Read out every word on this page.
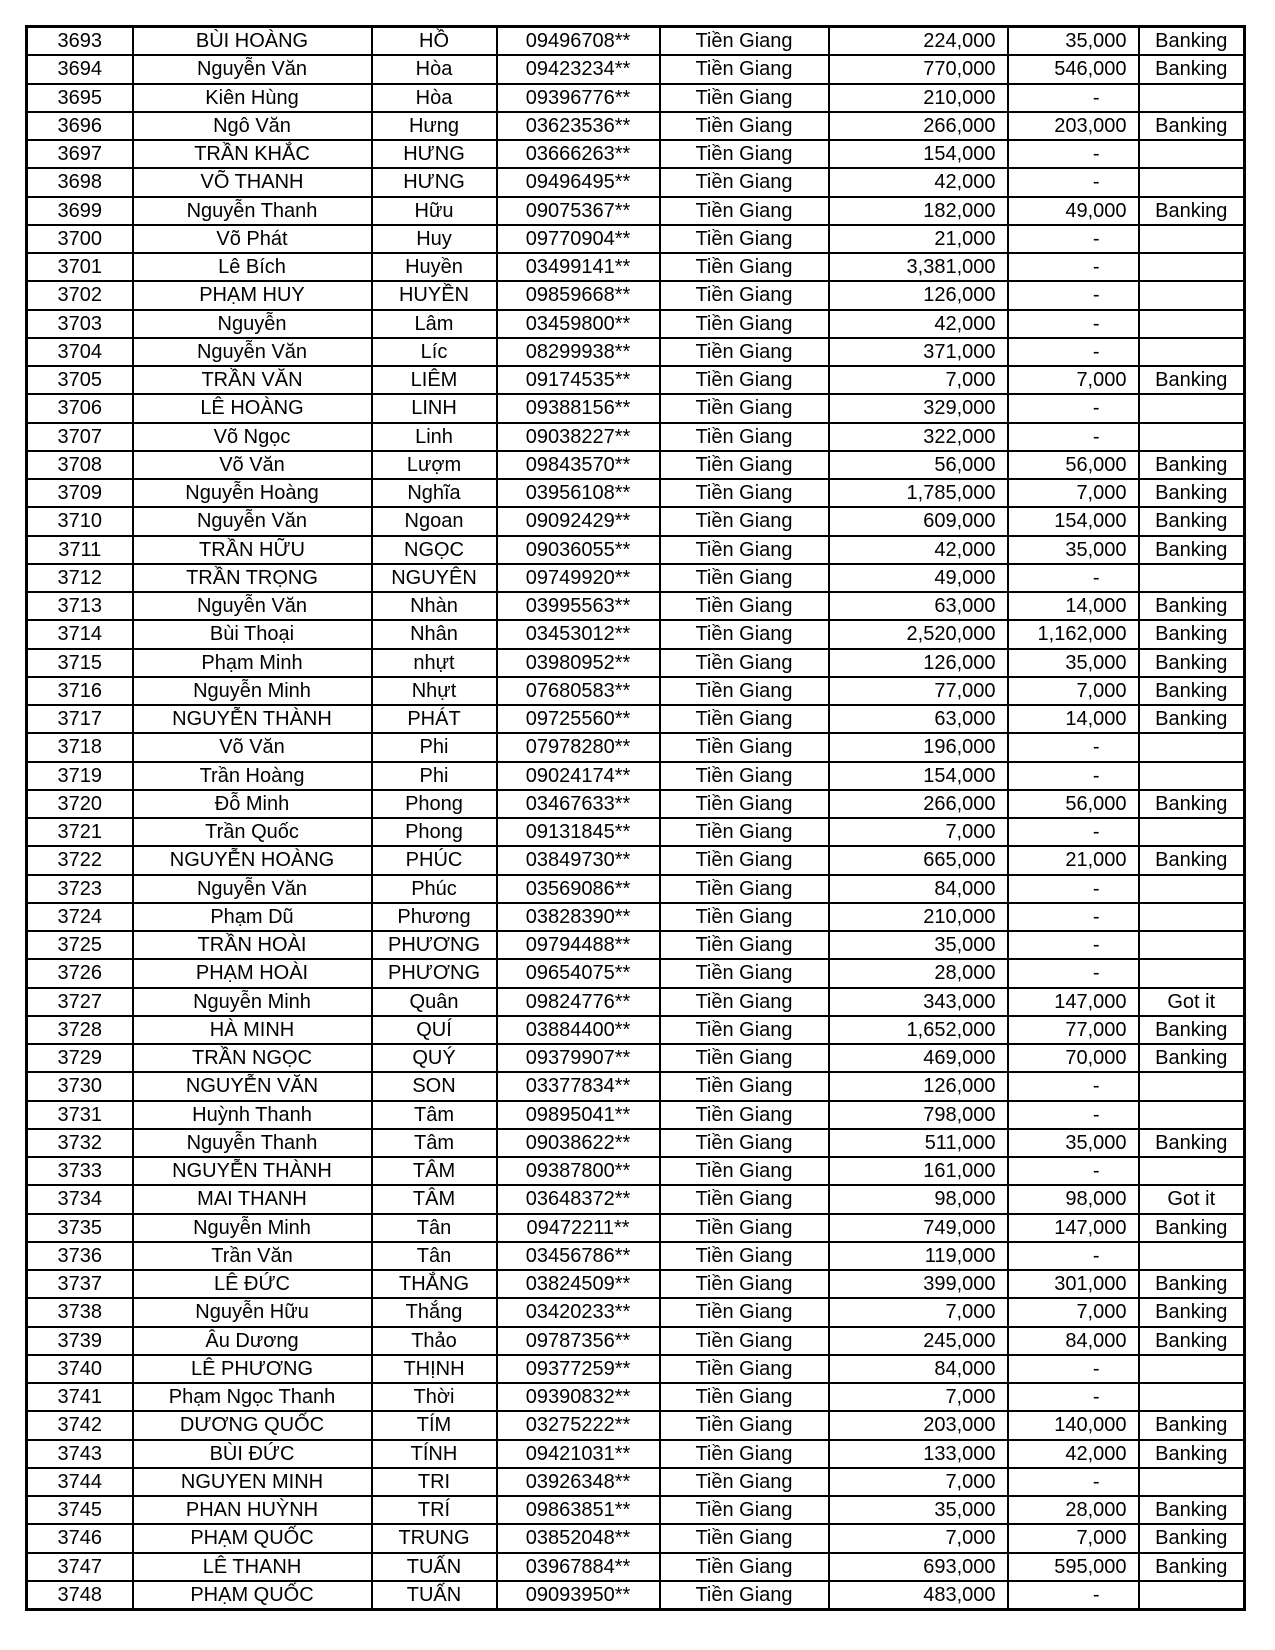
3693	BÙI HOÀNG	HỒ	09496708**	Tiền Giang	224,000	35,000	Banking
3694	Nguyễn Văn	Hòa	09423234**	Tiền Giang	770,000	546,000	Banking
3695	Kiên Hùng	Hòa	09396776**	Tiền Giang	210,000	-	
3696	Ngô Văn	Hưng	03623536**	Tiền Giang	266,000	203,000	Banking
3697	TRẦN KHẮC	HƯNG	03666263**	Tiền Giang	154,000	-	
3698	VÕ THANH	HƯNG	09496495**	Tiền Giang	42,000	-	
3699	Nguyễn Thanh	Hữu	09075367**	Tiền Giang	182,000	49,000	Banking
3700	Võ Phát	Huy	09770904**	Tiền Giang	21,000	-	
3701	Lê Bích	Huyền	03499141**	Tiền Giang	3,381,000	-	
3702	PHẠM HUY	HUYỀN	09859668**	Tiền Giang	126,000	-	
3703	Nguyễn	Lâm	03459800**	Tiền Giang	42,000	-	
3704	Nguyễn Văn	Líc	08299938**	Tiền Giang	371,000	-	
3705	TRẦN VĂN	LIÊM	09174535**	Tiền Giang	7,000	7,000	Banking
3706	LÊ HOÀNG	LINH	09388156**	Tiền Giang	329,000	-	
3707	Võ Ngọc	Linh	09038227**	Tiền Giang	322,000	-	
3708	Võ Văn	Lượm	09843570**	Tiền Giang	56,000	56,000	Banking
3709	Nguyễn Hoàng	Nghĩa	03956108**	Tiền Giang	1,785,000	7,000	Banking
3710	Nguyễn Văn	Ngoan	09092429**	Tiền Giang	609,000	154,000	Banking
3711	TRẦN HỮU	NGỌC	09036055**	Tiền Giang	42,000	35,000	Banking
3712	TRẦN TRỌNG	NGUYÊN	09749920**	Tiền Giang	49,000	-	
3713	Nguyễn Văn	Nhàn	03995563**	Tiền Giang	63,000	14,000	Banking
3714	Bùi Thoại	Nhân	03453012**	Tiền Giang	2,520,000	1,162,000	Banking
3715	Phạm Minh	nhựt	03980952**	Tiền Giang	126,000	35,000	Banking
3716	Nguyễn Minh	Nhựt	07680583**	Tiền Giang	77,000	7,000	Banking
3717	NGUYỄN THÀNH	PHÁT	09725560**	Tiền Giang	63,000	14,000	Banking
3718	Võ Văn	Phi	07978280**	Tiền Giang	196,000	-	
3719	Trần Hoàng	Phi	09024174**	Tiền Giang	154,000	-	
3720	Đỗ Minh	Phong	03467633**	Tiền Giang	266,000	56,000	Banking
3721	Trần Quốc	Phong	09131845**	Tiền Giang	7,000	-	
3722	NGUYỄN HOÀNG	PHÚC	03849730**	Tiền Giang	665,000	21,000	Banking
3723	Nguyễn Văn	Phúc	03569086**	Tiền Giang	84,000	-	
3724	Phạm Dũ	Phương	03828390**	Tiền Giang	210,000	-	
3725	TRẦN HOÀI	PHƯƠNG	09794488**	Tiền Giang	35,000	-	
3726	PHẠM HOÀI	PHƯƠNG	09654075**	Tiền Giang	28,000	-	
3727	Nguyễn Minh	Quân	09824776**	Tiền Giang	343,000	147,000	Got it
3728	HÀ MINH	QUÍ	03884400**	Tiền Giang	1,652,000	77,000	Banking
3729	TRẦN NGỌC	QUÝ	09379907**	Tiền Giang	469,000	70,000	Banking
3730	NGUYỄN VĂN	SON	03377834**	Tiền Giang	126,000	-	
3731	Huỳnh Thanh	Tâm	09895041**	Tiền Giang	798,000	-	
3732	Nguyễn Thanh	Tâm	09038622**	Tiền Giang	511,000	35,000	Banking
3733	NGUYỄN THÀNH	TÂM	09387800**	Tiền Giang	161,000	-	
3734	MAI THANH	TÂM	03648372**	Tiền Giang	98,000	98,000	Got it
3735	Nguyễn Minh	Tân	09472211**	Tiền Giang	749,000	147,000	Banking
3736	Trần Văn	Tân	03456786**	Tiền Giang	119,000	-	
3737	LÊ ĐỨC	THẮNG	03824509**	Tiền Giang	399,000	301,000	Banking
3738	Nguyễn Hữu	Thắng	03420233**	Tiền Giang	7,000	7,000	Banking
3739	Âu Dương	Thảo	09787356**	Tiền Giang	245,000	84,000	Banking
3740	LÊ PHƯƠNG	THỊNH	09377259**	Tiền Giang	84,000	-	
3741	Phạm Ngọc Thanh	Thời	09390832**	Tiền Giang	7,000	-	
3742	DƯƠNG QUỐC	TÍM	03275222**	Tiền Giang	203,000	140,000	Banking
3743	BÙI ĐỨC	TÍNH	09421031**	Tiền Giang	133,000	42,000	Banking
3744	NGUYEN MINH	TRI	03926348**	Tiền Giang	7,000	-	
3745	PHAN HUỲNH	TRÍ	09863851**	Tiền Giang	35,000	28,000	Banking
3746	PHẠM QUỐC	TRUNG	03852048**	Tiền Giang	7,000	7,000	Banking
3747	LÊ THANH	TUẤN	03967884**	Tiền Giang	693,000	595,000	Banking
3748	PHẠM QUỐC	TUẤN	09093950**	Tiền Giang	483,000	-	
